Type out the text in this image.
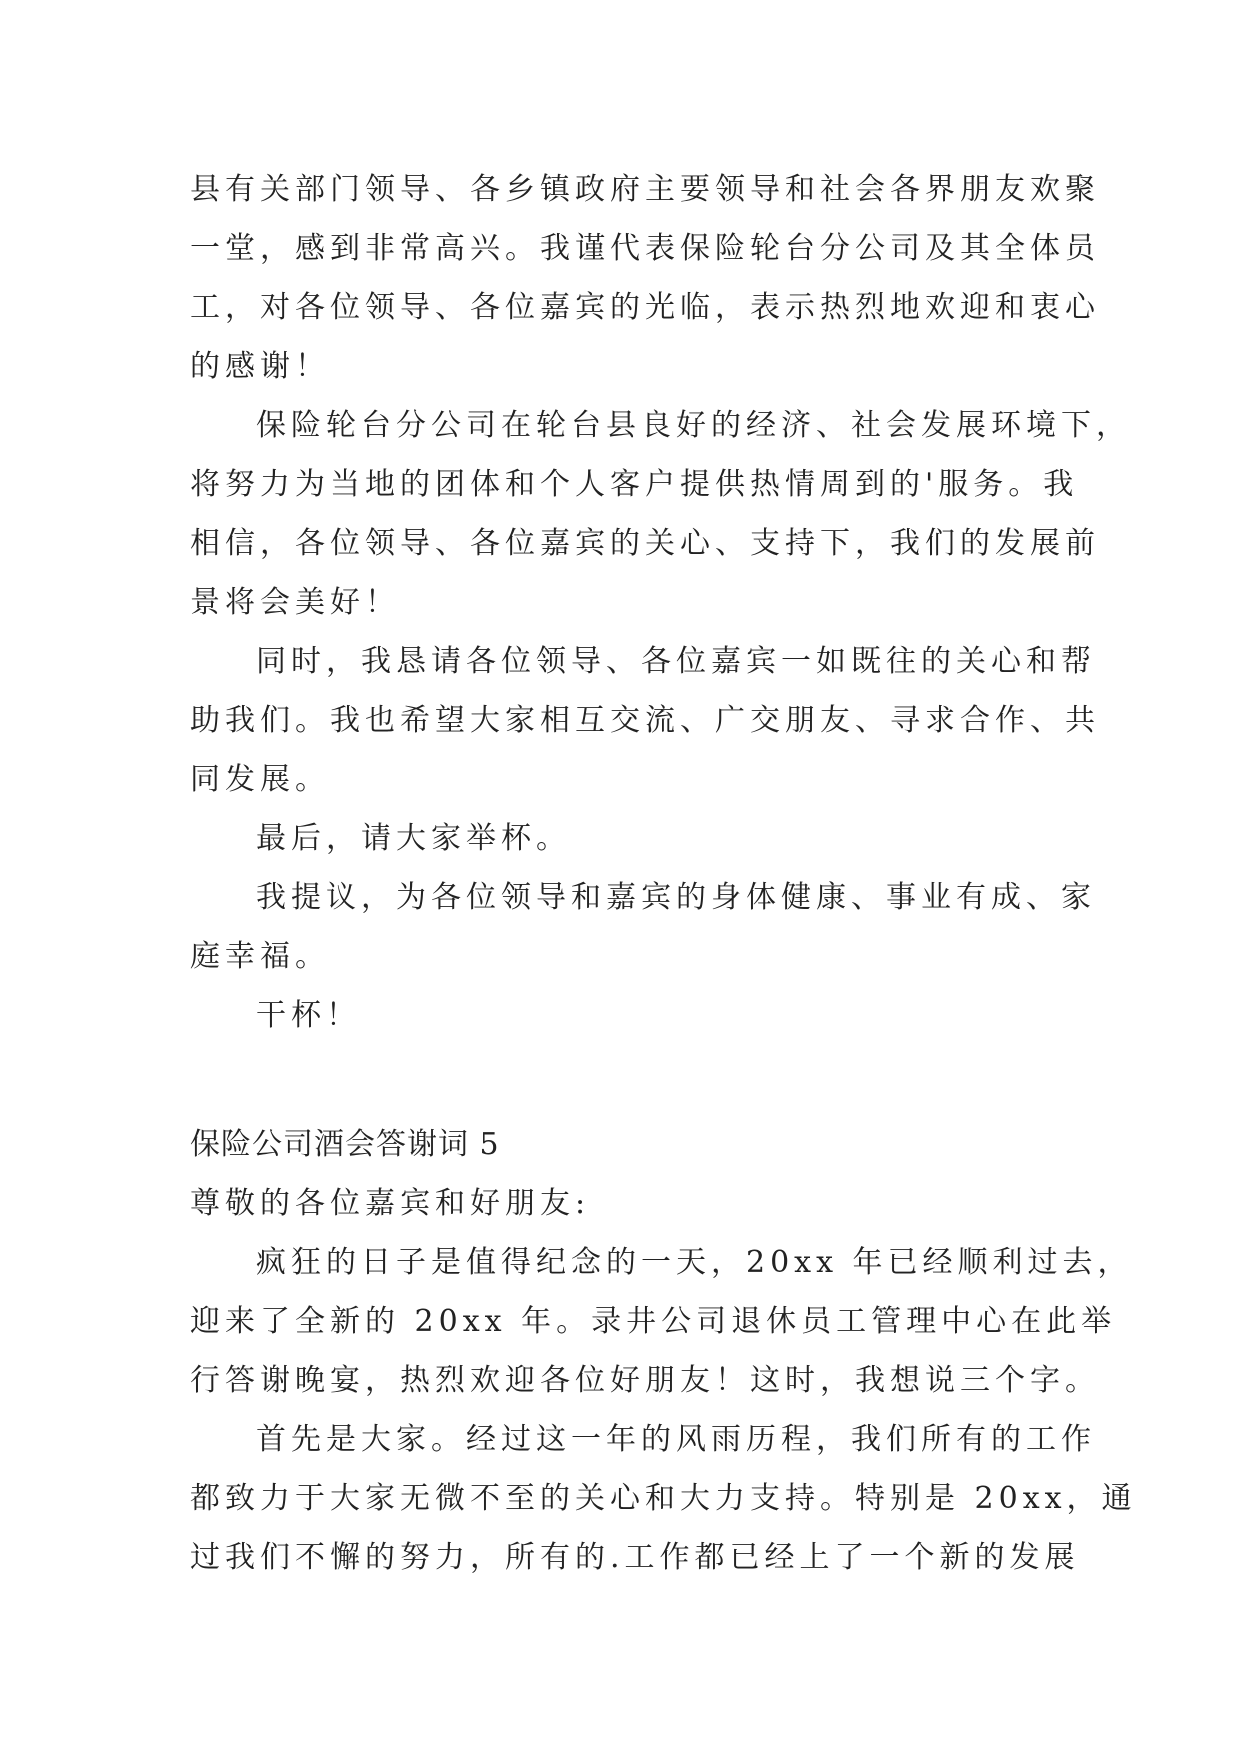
县有关部门领导、各乡镇政府主要领导和社会各界朋友欢聚
一堂，感到非常高兴。我谨代表保险轮台分公司及其全体员
工，对各位领导、各位嘉宾的光临，表示热烈地欢迎和衷心
的感谢！
保险轮台分公司在轮台县良好的经济、社会发展环境下，
将努力为当地的团体和个人客户提供热情周到的'服务。我
相信，各位领导、各位嘉宾的关心、支持下，我们的发展前
景将会美好！
同时，我恳请各位领导、各位嘉宾一如既往的关心和帮
助我们。我也希望大家相互交流、广交朋友、寻求合作、共
同发展。
最后，请大家举杯。
我提议，为各位领导和嘉宾的身体健康、事业有成、家
庭幸福。
干杯！
保险公司酒会答谢词 5
尊敬的各位嘉宾和好朋友:
疯狂的日子是值得纪念的一天，20xx 年已经顺利过去，
迎来了全新的 20xx 年。录井公司退休员工管理中心在此举
行答谢晚宴，热烈欢迎各位好朋友！这时，我想说三个字。
首先是大家。经过这一年的风雨历程，我们所有的工作
都致力于大家无微不至的关心和大力支持。特别是 20xx，通
过我们不懈的努力，所有的.工作都已经上了一个新的发展
